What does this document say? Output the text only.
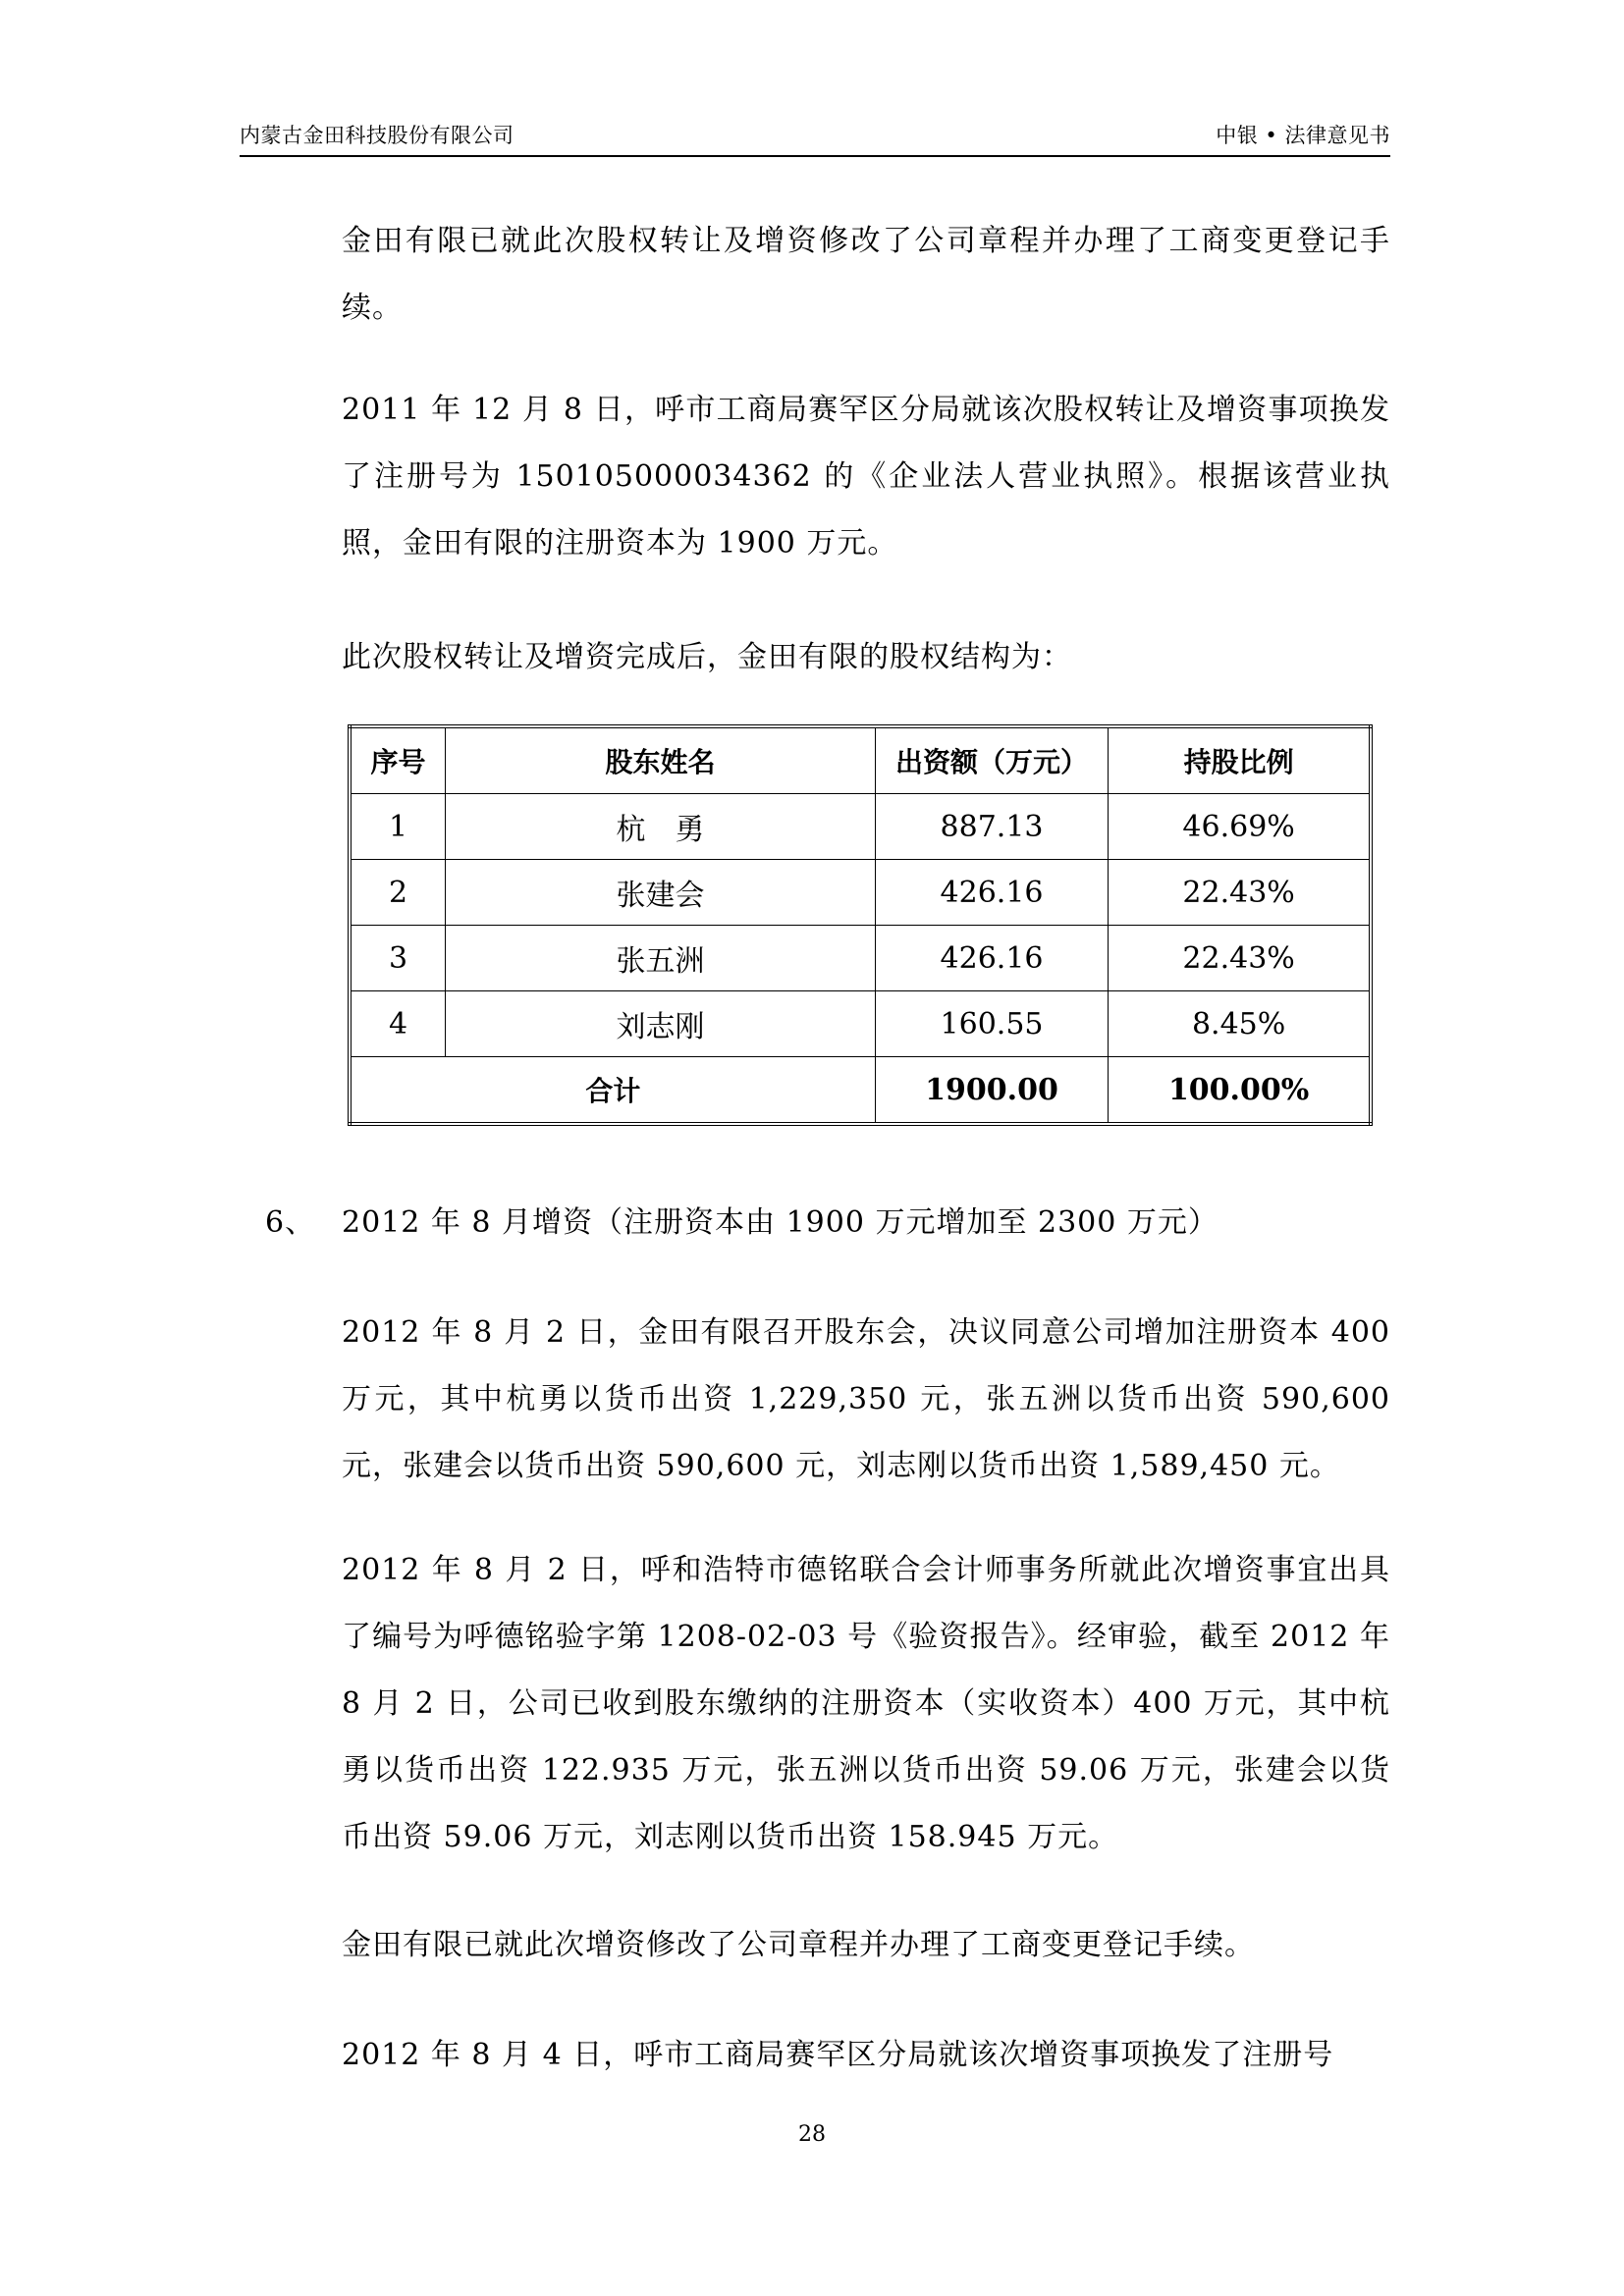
内蒙古金田科技股份有限公司	中银 • 法律意见书
金田有限已就此次股权转让及增资修改了公司章程并办理了工商变更登记手续。
2011 年 12 月 8 日，呼市工商局赛罕区分局就该次股权转让及增资事项换发了注册号为 150105000034362 的《企业法人营业执照》。根据该营业执照，金田有限的注册资本为 1900 万元。
此次股权转让及增资完成后，金田有限的股权结构为：
序号	股东姓名	出资额（万元）	持股比例
1	杭　勇	887.13	46.69%
2	张建会	426.16	22.43%
3	张五洲	426.16	22.43%
4	刘志刚	160.55	8.45%
合计		1900.00	100.00%
6、 2012 年 8 月增资（注册资本由 1900 万元增加至 2300 万元）
2012 年 8 月 2 日，金田有限召开股东会，决议同意公司增加注册资本 400 万元，其中杭勇以货币出资 1,229,350 元，张五洲以货币出资 590,600 元，张建会以货币出资 590,600 元，刘志刚以货币出资 1,589,450 元。
2012 年 8 月 2 日，呼和浩特市德铭联合会计师事务所就此次增资事宜出具了编号为呼德铭验字第 1208-02-03 号《验资报告》。经审验，截至 2012 年 8 月 2 日，公司已收到股东缴纳的注册资本（实收资本）400 万元，其中杭勇以货币出资 122.935 万元，张五洲以货币出资 59.06 万元，张建会以货币出资 59.06 万元，刘志刚以货币出资 158.945 万元。
金田有限已就此次增资修改了公司章程并办理了工商变更登记手续。
2012 年 8 月 4 日，呼市工商局赛罕区分局就该次增资事项换发了注册号
28
